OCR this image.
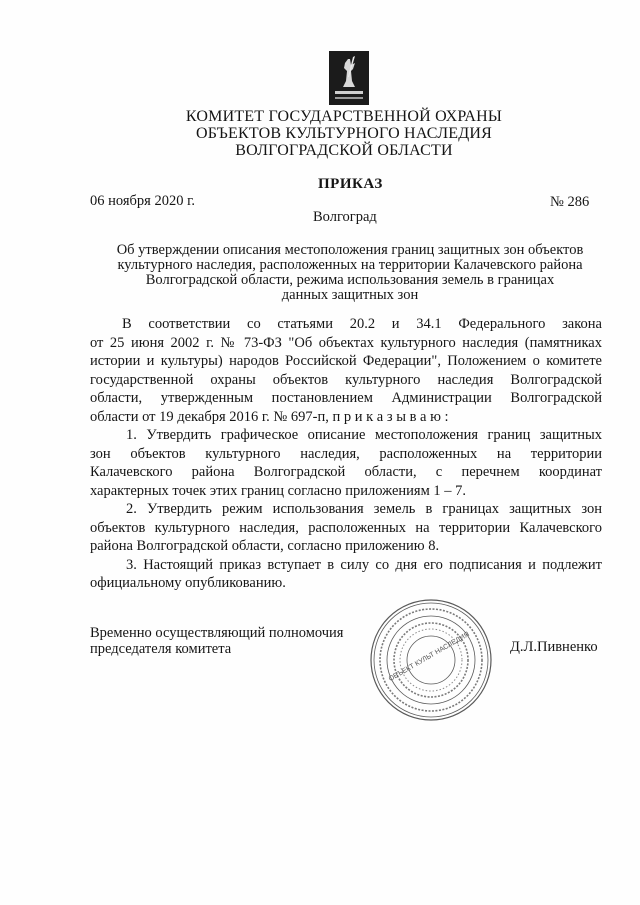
КОМИТЕТ ГОСУДАРСТВЕННОЙ ОХРАНЫ
ОБЪЕКТОВ КУЛЬТУРНОГО НАСЛЕДИЯ
ВОЛГОГРАДСКОЙ ОБЛАСТИ
ПРИКАЗ
06 ноября 2020 г.	№ 286
Волгоград
Об утверждении описания местоположения границ защитных зон объектов
культурного наследия, расположенных на территории Калачевского района
Волгоградской области, режима использования земель в границах
данных защитных зон
В соответствии со статьями 20.2 и 34.1 Федерального закона
от 25 июня 2002 г. № 73-ФЗ "Об объектах культурного наследия (памятниках
истории и культуры) народов Российской Федерации", Положением о комитете
государственной охраны объектов культурного наследия Волгоградской
области, утвержденным постановлением Администрации Волгоградской
области от 19 декабря 2016 г. № 697-п, п р и к а з ы в а ю :
1. Утвердить графическое описание местоположения границ защитных
зон объектов культурного наследия, расположенных на территории
Калачевского района Волгоградской области, с перечнем координат
характерных точек этих границ согласно приложениям 1 – 7.
2. Утвердить режим использования земель в границах защитных зон
объектов культурного наследия, расположенных на территории Калачевского
района Волгоградской области, согласно приложению 8.
3. Настоящий приказ вступает в силу со дня его подписания и подлежит
официальному опубликованию.
Временно осуществляющий полномочия
председателя комитета	Д.Л.Пивненко
ОБЪЕКТ КУЛЬТ НАСЛЕДИЯ
